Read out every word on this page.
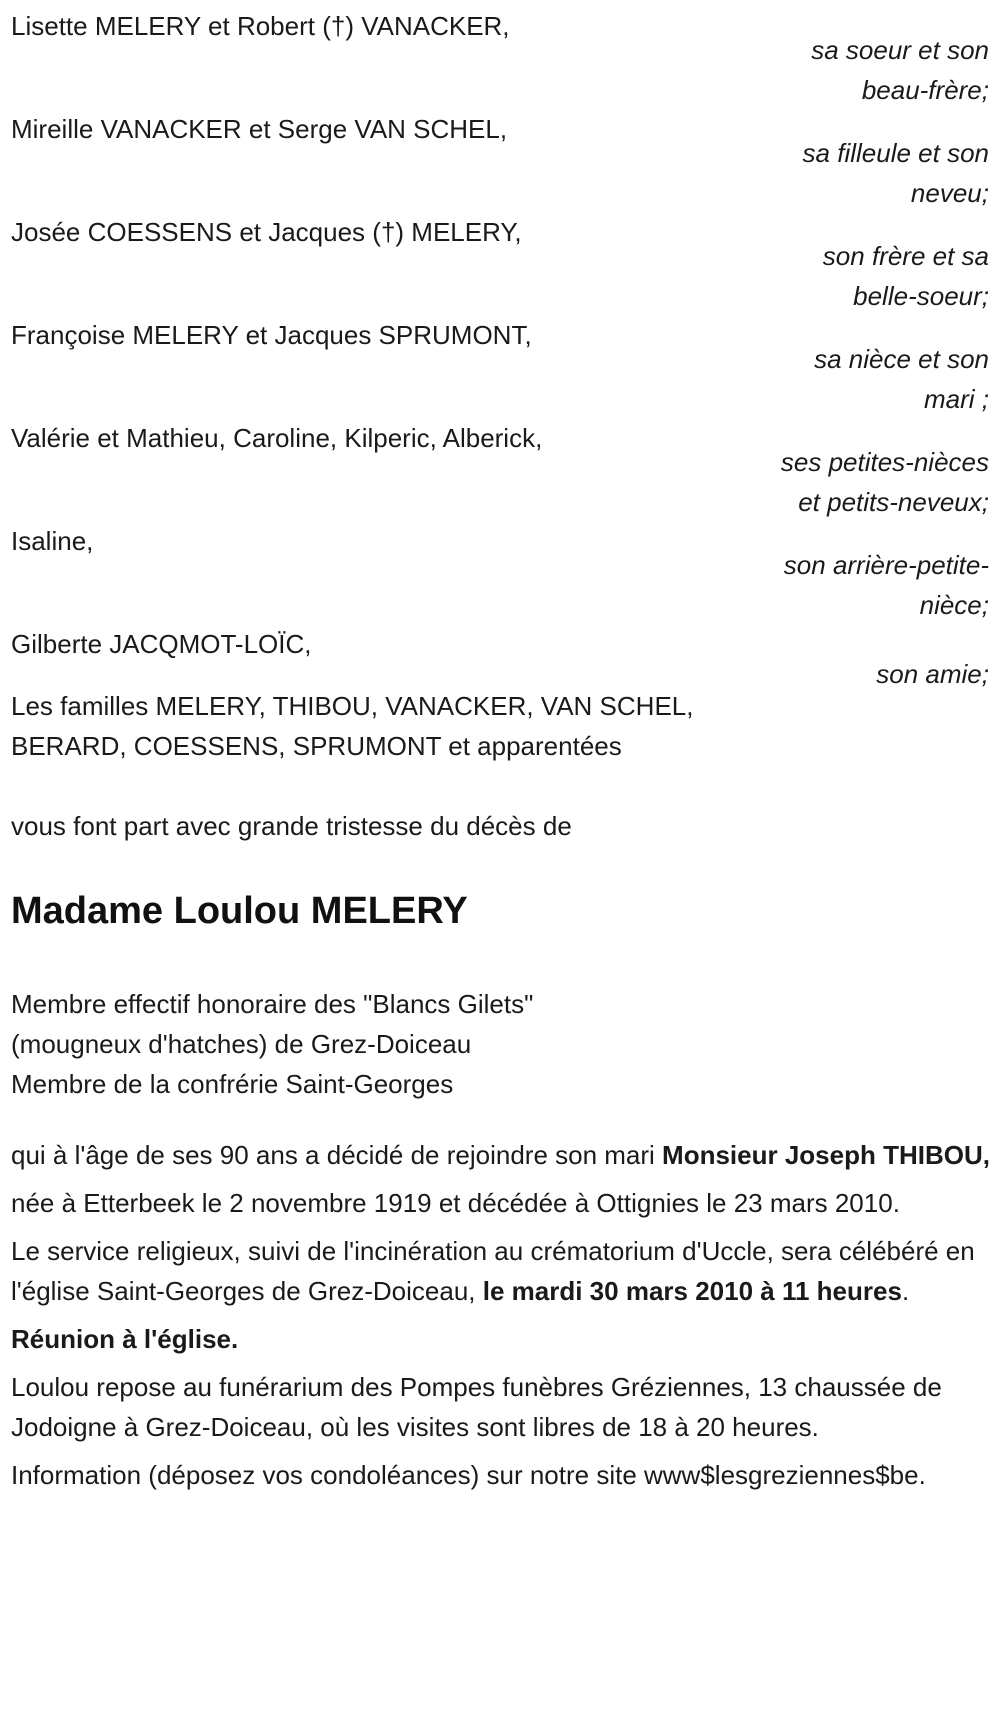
Lisette MELERY et Robert (†) VANACKER,
sa soeur et son
beau-frère;
Mireille VANACKER et Serge VAN SCHEL,
sa filleule et son
neveu;
Josée COESSENS et Jacques (†) MELERY,
son frère et sa
belle-soeur;
Françoise MELERY et Jacques SPRUMONT,
sa nièce et son
mari ;
Valérie et Mathieu, Caroline, Kilperic, Alberick,
ses petites-nièces
et petits-neveux;
Isaline,
son arrière-petite-
nièce;
Gilberte JACQMOT-LOÏC,
son amie;
Les familles MELERY, THIBOU, VANACKER, VAN SCHEL,
BERARD, COESSENS, SPRUMONT et apparentées
vous font part avec grande tristesse du décès de
Madame Loulou MELERY
Membre effectif honoraire des "Blancs Gilets"
(mougneux d'hatches) de Grez-Doiceau
Membre de la confrérie Saint-Georges

qui à l'âge de ses 90 ans a décidé de rejoindre son mari Monsieur Joseph THIBOU,

née à Etterbeek le 2 novembre 1919 et décédée à Ottignies le 23 mars 2010.

Le service religieux, suivi de l'incinération au crématorium d'Uccle, sera célébéré en l'église Saint-Georges de Grez-Doiceau, le mardi 30 mars 2010 à 11 heures.

Réunion à l'église.

Loulou repose au funérarium des Pompes funèbres Gréziennes, 13 chaussée de Jodoigne à Grez-Doiceau, où les visites sont libres de 18 à 20 heures.

Information (déposez vos condoléances) sur notre site www$lesgreziennes$be.
